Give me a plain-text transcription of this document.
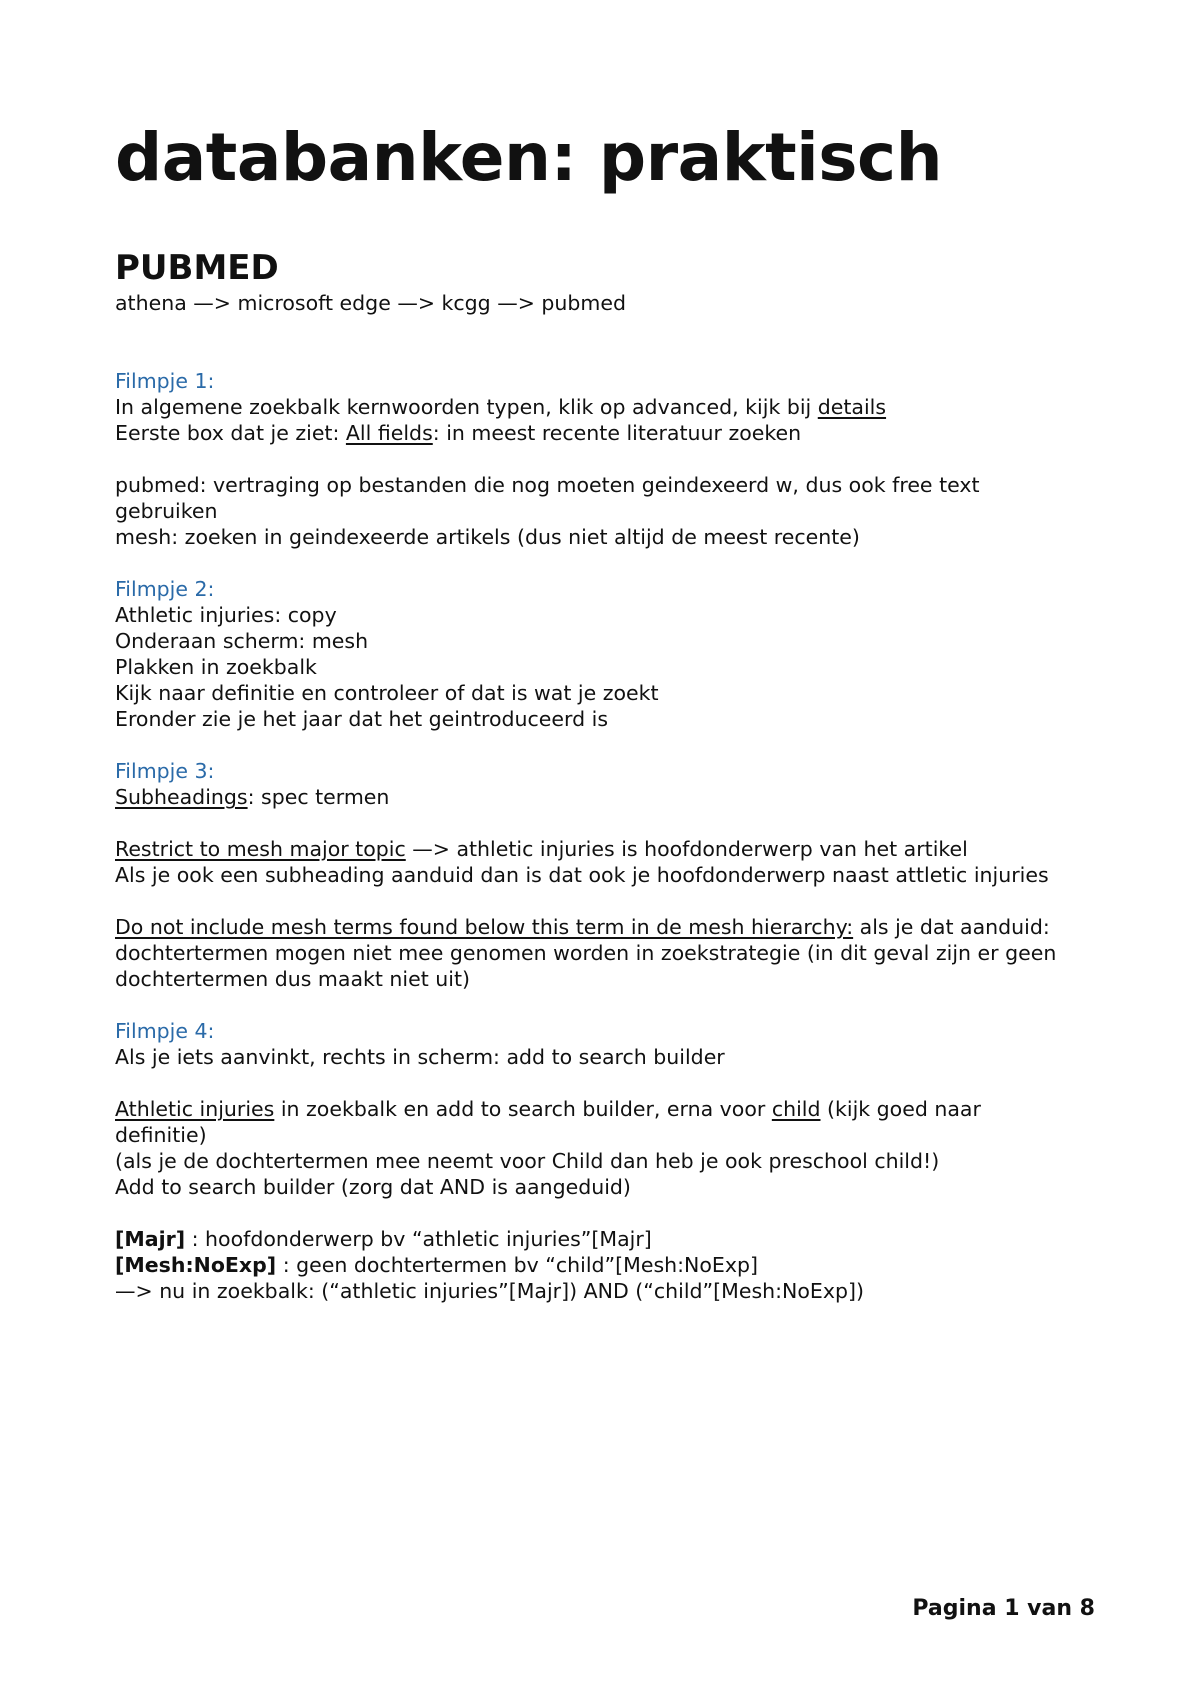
databanken: praktisch
PUBMED

athena —> microsoft edge —> kcgg —> pubmed

Filmpje 1:

In algemene zoekbalk kernwoorden typen, klik op advanced, kijk bij details

Eerste box dat je ziet: All fields: in meest recente literatuur zoeken

pubmed: vertraging op bestanden die nog moeten geindexeerd w, dus ook free text gebruiken

mesh: zoeken in geindexeerde artikels (dus niet altijd de meest recente)

Filmpje 2:

Athletic injuries: copy

Onderaan scherm: mesh

Plakken in zoekbalk

Kijk naar definitie en controleer of dat is wat je zoekt

Eronder zie je het jaar dat het geintroduceerd is

Filmpje 3:

Subheadings: spec termen

Restrict to mesh major topic —> athletic injuries is hoofdonderwerp van het artikel

Als je ook een subheading aanduid dan is dat ook je hoofdonderwerp naast attletic injuries

Do not include mesh terms found below this term in de mesh hierarchy: als je dat aanduid: dochtertermen mogen niet mee genomen worden in zoekstrategie (in dit geval zijn er geen dochtertermen dus maakt niet uit)

Filmpje 4:

Als je iets aanvinkt, rechts in scherm: add to search builder

Athletic injuries in zoekbalk en add to search builder, erna voor child (kijk goed naar definitie)

(als je de dochtertermen mee neemt voor Child dan heb je ook preschool child!)

Add to search builder (zorg dat AND is aangeduid)

[Majr] : hoofdonderwerp bv “athletic injuries”[Majr]

[Mesh:NoExp] : geen dochtertermen bv “child”[Mesh:NoExp]

—> nu in zoekbalk: (“athletic injuries”[Majr]) AND (“child”[Mesh:NoExp])

Pagina 1 van 8
